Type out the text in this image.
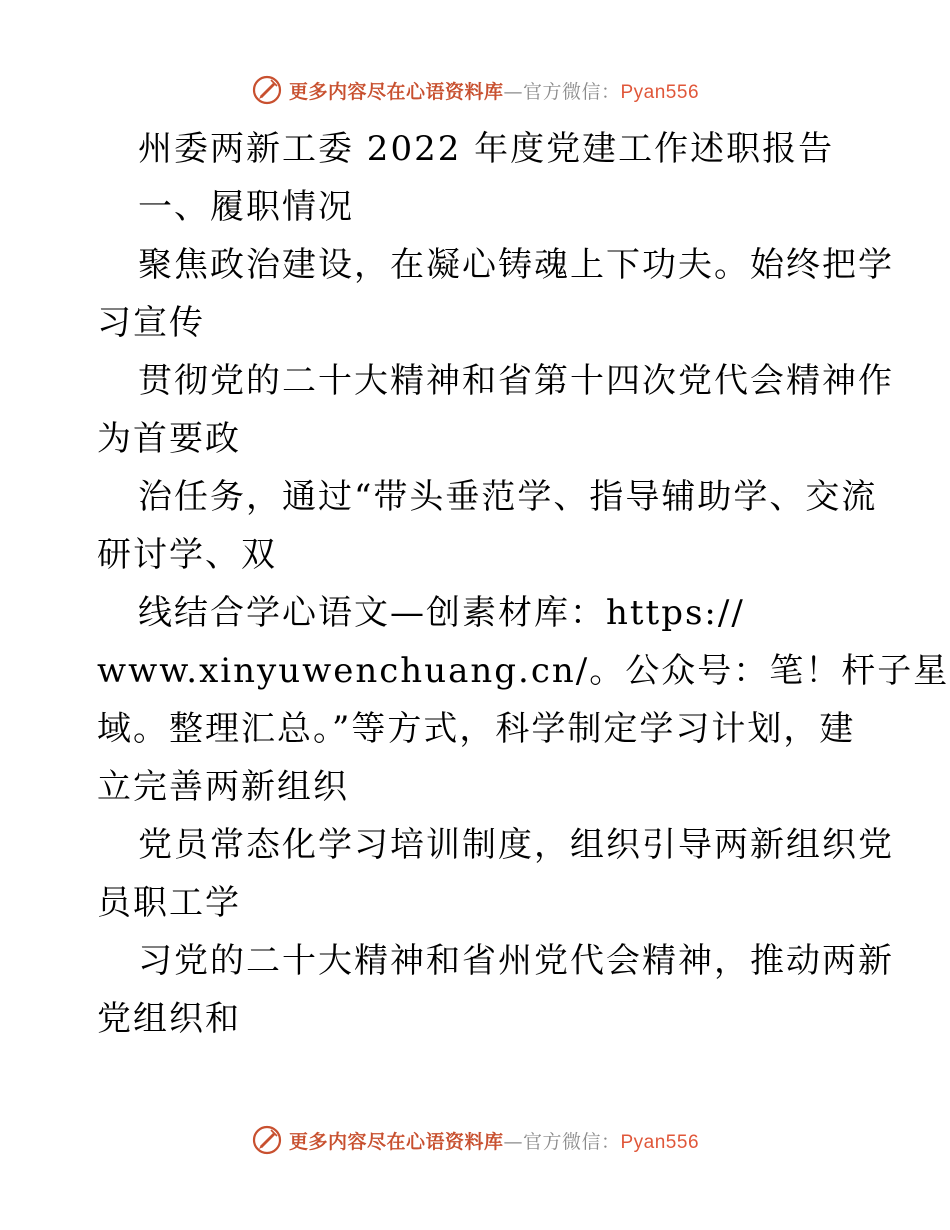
更多内容尽在心语资料库—官方微信：Pyan556

州委两新工委 2022 年度党建工作述职报告

一、履职情况

聚焦政治建设，在凝心铸魂上下功夫。始终把学

习宣传

贯彻党的二十大精神和省第十四次党代会精神作

为首要政

治任务，通过“带头垂范学、指导辅助学、交流

研讨学、双

线结合学心语文—创素材库：https://

www.xinyuwenchuang.cn/。公众号：笔！杆子星

域。整理汇总。”等方式，科学制定学习计划，建

立完善两新组织

党员常态化学习培训制度，组织引导两新组织党

员职工学

习党的二十大精神和省州党代会精神，推动两新

党组织和

更多内容尽在心语资料库—官方微信：Pyan556
